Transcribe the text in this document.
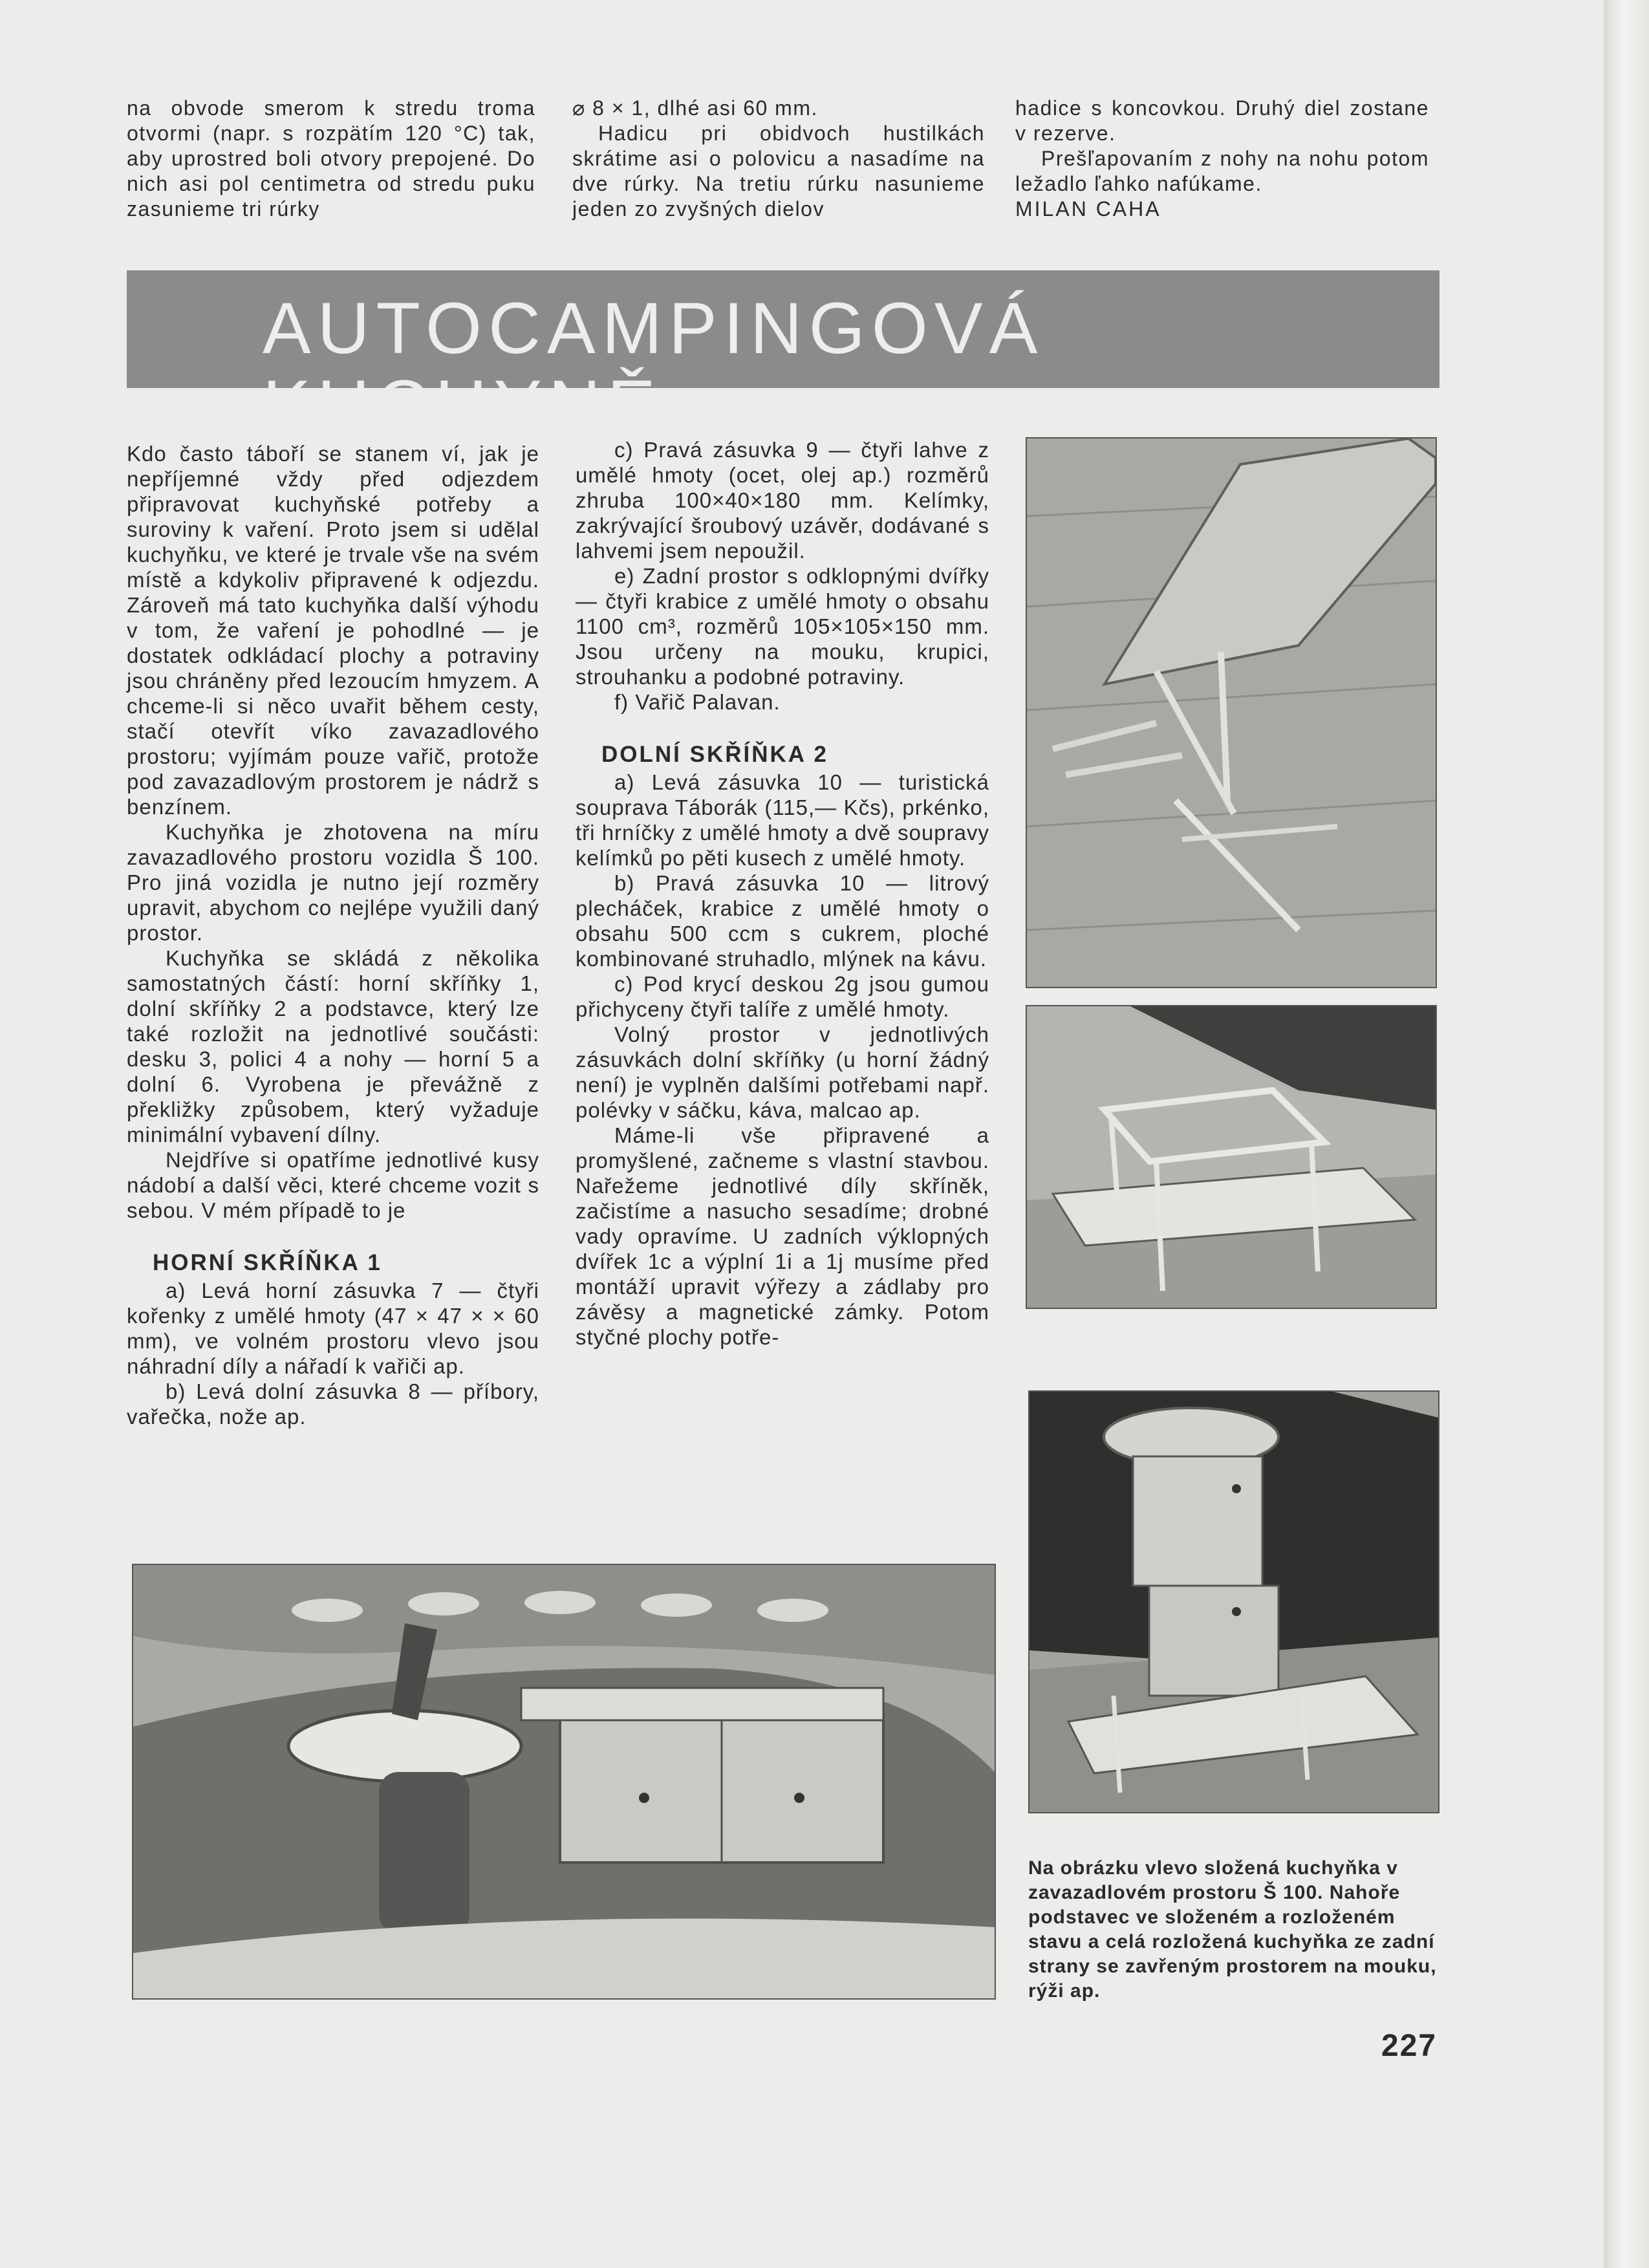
na obvode smerom k stredu troma otvormi (napr. s rozpätím 120 °C) tak, aby uprostred boli otvory prepojené. Do nich asi pol centimetra od stredu puku zasunieme tri rúrky

⌀ 8 × 1, dlhé asi 60 mm.

Hadicu pri obidvoch hustilkách skrátime asi o polovicu a nasadíme na dve rúrky. Na tretiu rúrku nasunieme jeden zo zvyšných dielov

hadice s koncovkou. Druhý diel zostane v rezerve.

Prešľapovaním z nohy na nohu potom ležadlo ľahko nafúkame.

MILAN CAHA

AUTOCAMPINGOVÁ KUCHYNĚ

Kdo často táboří se stanem ví, jak je nepříjemné vždy před odjezdem připravovat kuchyňské potřeby a suroviny k vaření. Proto jsem si udělal kuchyňku, ve které je trvale vše na svém místě a kdykoliv připravené k odjezdu. Zároveň má tato kuchyňka další výhodu v tom, že vaření je pohodlné — je dostatek odkládací plochy a potraviny jsou chráněny před lezoucím hmyzem. A chceme-li si něco uvařit během cesty, stačí otevřít víko zavazadlového prostoru; vyjímám pouze vařič, protože pod zavazadlovým prostorem je nádrž s benzínem.

Kuchyňka je zhotovena na míru zavazadlového prostoru vozidla Š 100. Pro jiná vozidla je nutno její rozměry upravit, abychom co nejlépe využili daný prostor.

Kuchyňka se skládá z několika samostatných částí: horní skříňky 1, dolní skříňky 2 a podstavce, který lze také rozložit na jednotlivé součásti: desku 3, polici 4 a nohy — horní 5 a dolní 6. Vyrobena je převážně z překližky způsobem, který vyžaduje minimální vybavení dílny.

Nejdříve si opatříme jednotlivé kusy nádobí a další věci, které chceme vozit s sebou. V mém případě to je

HORNÍ SKŘÍŇKA 1

a) Levá horní zásuvka 7 — čtyři kořenky z umělé hmoty (47 × 47 × × 60 mm), ve volném prostoru vlevo jsou náhradní díly a nářadí k vařiči ap.

b) Levá dolní zásuvka 8 — příbory, vařečka, nože ap.

c) Pravá zásuvka 9 — čtyři lahve z umělé hmoty (ocet, olej ap.) rozměrů zhruba 100×40×180 mm. Kelímky, zakrývající šroubový uzávěr, dodávané s lahvemi jsem nepoužil.

e) Zadní prostor s odklopnými dvířky — čtyři krabice z umělé hmoty o obsahu 1100 cm³, rozměrů 105×105×150 mm. Jsou určeny na mouku, krupici, strouhanku a podobné potraviny.

f) Vařič Palavan.

DOLNÍ SKŘÍŇKA 2

a) Levá zásuvka 10 — turistická souprava Táborák (115,— Kčs), prkénko, tři hrníčky z umělé hmoty a dvě soupravy kelímků po pěti kusech z umělé hmoty.

b) Pravá zásuvka 10 — litrový plecháček, krabice z umělé hmoty o obsahu 500 ccm s cukrem, ploché kombinované struhadlo, mlýnek na kávu.

c) Pod krycí deskou 2g jsou gumou přichyceny čtyři talíře z umělé hmoty.

Volný prostor v jednotlivých zásuvkách dolní skříňky (u horní žádný není) je vyplněn dalšími potřebami např. polévky v sáčku, káva, malcao ap.

Máme-li vše připravené a promyšlené, začneme s vlastní stavbou. Nařežeme jednotlivé díly skříněk, začistíme a nasucho sesadíme; drobné vady opravíme. U zadních výklopných dvířek 1c a výplní 1i a 1j musíme před montáží upravit výřezy a zádlaby pro závěsy a magnetické zámky. Potom styčné plochy potře-

Na obrázku vlevo složená kuchyňka v zavazadlovém prostoru Š 100. Nahoře podstavec ve složeném a rozloženém stavu a celá rozložená kuchyňka ze zadní strany se zavřeným prostorem na mouku, rýži ap.

227
